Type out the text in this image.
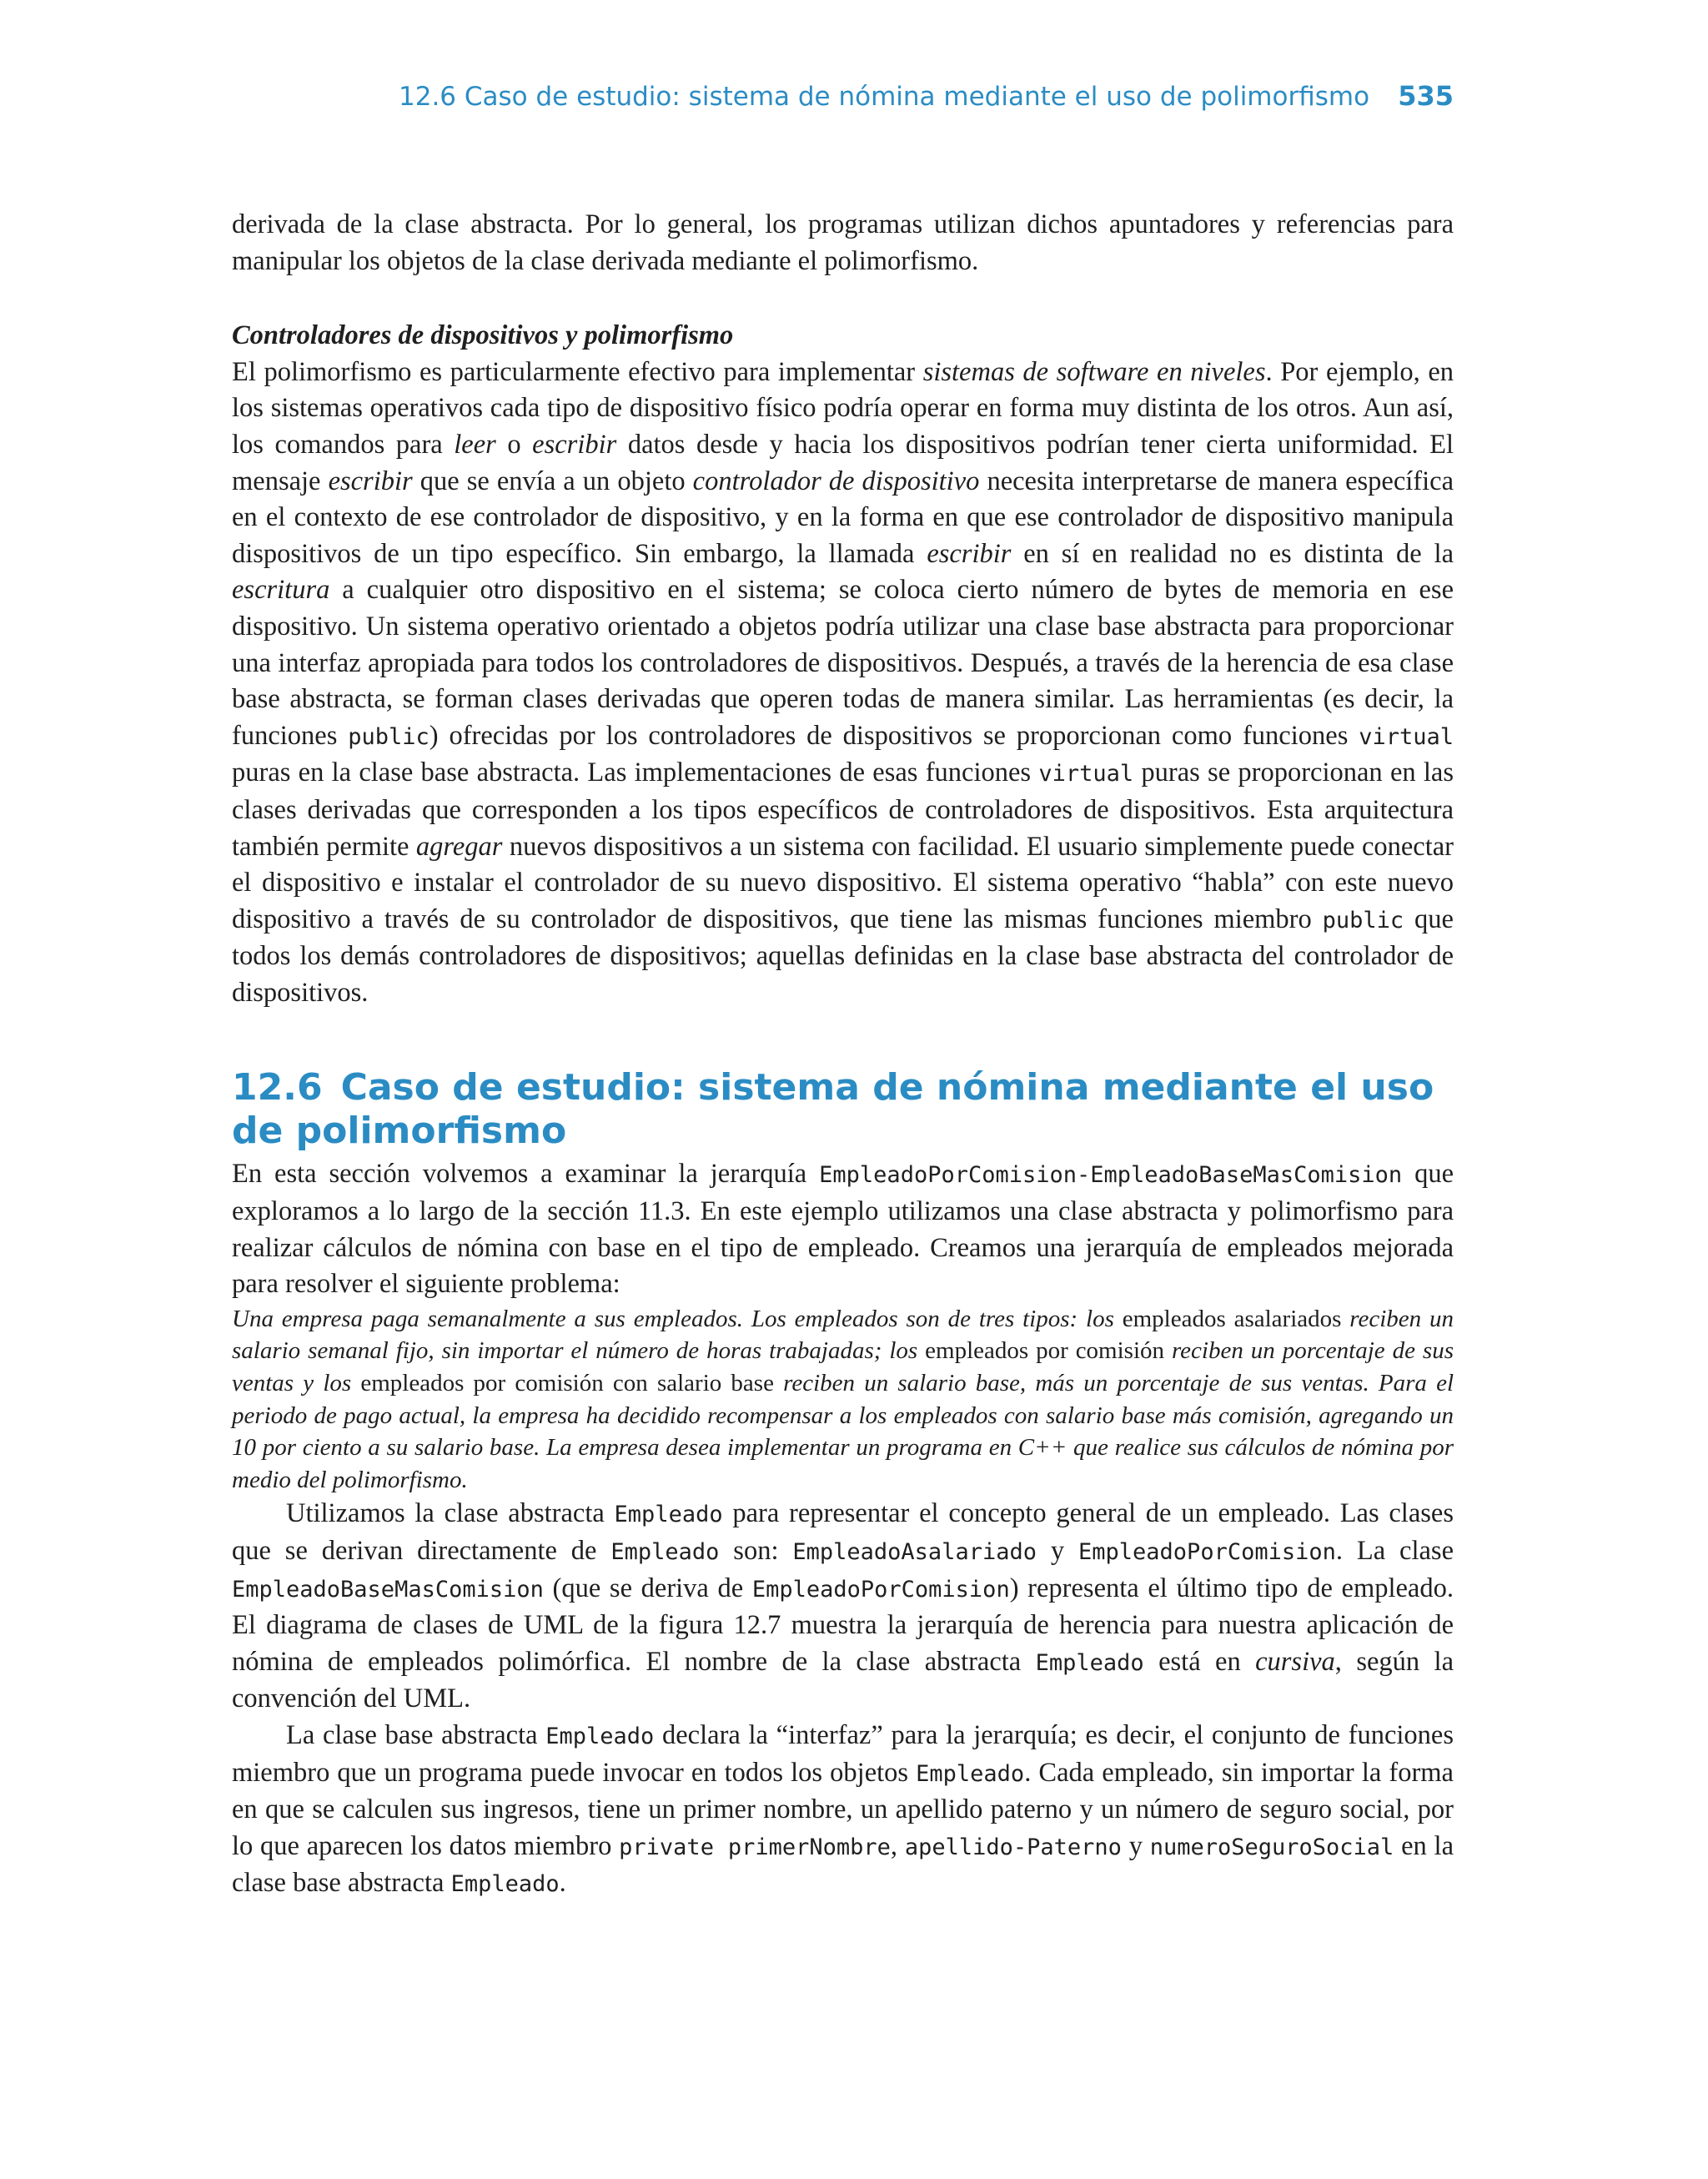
12.6 Caso de estudio: sistema de nómina mediante el uso de polimorfismo 535

derivada de la clase abstracta. Por lo general, los programas utilizan dichos apuntadores y referencias para manipular los objetos de la clase derivada mediante el polimorfismo.

Controladores de dispositivos y polimorfismo

El polimorfismo es particularmente efectivo para implementar sistemas de software en niveles. Por ejemplo, en los sistemas operativos cada tipo de dispositivo físico podría operar en forma muy distinta de los otros. Aun así, los comandos para leer o escribir datos desde y hacia los dispositivos podrían tener cierta uniformidad. El mensaje escribir que se envía a un objeto controlador de dispositivo necesita interpretarse de manera específica en el contexto de ese controlador de dispositivo, y en la forma en que ese controlador de dispositivo manipula dispositivos de un tipo específico. Sin embargo, la llamada escribir en sí en realidad no es distinta de la escritura a cualquier otro dispositivo en el sistema; se coloca cierto número de bytes de memoria en ese dispositivo. Un sistema operativo orientado a objetos podría utilizar una clase base abstracta para proporcionar una interfaz apropiada para todos los controladores de dispositivos. Después, a través de la herencia de esa clase base abstracta, se forman clases derivadas que operen todas de manera similar. Las herramientas (es decir, la funciones public) ofrecidas por los controladores de dispositivos se proporcionan como funciones virtual puras en la clase base abstracta. Las implementaciones de esas funciones virtual puras se proporcionan en las clases derivadas que corresponden a los tipos específicos de controladores de dispositivos. Esta arquitectura también permite agregar nuevos dispositivos a un sistema con facilidad. El usuario simplemente puede conectar el dispositivo e instalar el controlador de su nuevo dispositivo. El sistema operativo “habla” con este nuevo dispositivo a través de su controlador de dispositivos, que tiene las mismas funciones miembro public que todos los demás controladores de dispositivos; aquellas definidas en la clase base abstracta del controlador de dispositivos.

12.6 Caso de estudio: sistema de nómina mediante el uso
de polimorfismo

En esta sección volvemos a examinar la jerarquía EmpleadoPorComision-EmpleadoBaseMasComision que exploramos a lo largo de la sección 11.3. En este ejemplo utilizamos una clase abstracta y polimorfismo para realizar cálculos de nómina con base en el tipo de empleado. Creamos una jerarquía de empleados mejorada para resolver el siguiente problema:

Una empresa paga semanalmente a sus empleados. Los empleados son de tres tipos: los empleados asalariados reciben un salario semanal fijo, sin importar el número de horas trabajadas; los empleados por comisión reciben un porcentaje de sus ventas y los empleados por comisión con salario base reciben un salario base, más un porcentaje de sus ventas. Para el periodo de pago actual, la empresa ha decidido recompensar a los empleados con salario base más comisión, agregando un 10 por ciento a su salario base. La empresa desea implementar un programa en C++ que realice sus cálculos de nómina por medio del polimorfismo.

Utilizamos la clase abstracta Empleado para representar el concepto general de un empleado. Las clases que se derivan directamente de Empleado son: EmpleadoAsalariado y EmpleadoPorComision. La clase EmpleadoBaseMasComision (que se deriva de EmpleadoPorComision) representa el último tipo de empleado. El diagrama de clases de UML de la figura 12.7 muestra la jerarquía de herencia para nuestra aplicación de nómina de empleados polimórfica. El nombre de la clase abstracta Empleado está en cursiva, según la convención del UML.

La clase base abstracta Empleado declara la “interfaz” para la jerarquía; es decir, el conjunto de funciones miembro que un programa puede invocar en todos los objetos Empleado. Cada empleado, sin importar la forma en que se calculen sus ingresos, tiene un primer nombre, un apellido paterno y un número de seguro social, por lo que aparecen los datos miembro private primerNombre, apellido-Paterno y numeroSeguroSocial en la clase base abstracta Empleado.
